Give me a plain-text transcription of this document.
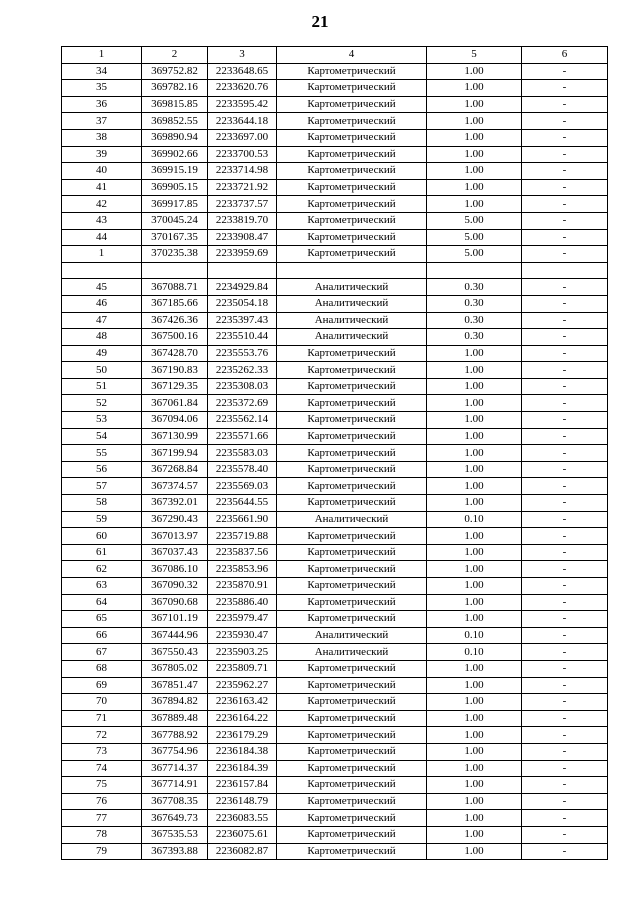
21
1	2	3	4	5	6
34	369752.82	2233648.65	Картометрический	1.00	-
35	369782.16	2233620.76	Картометрический	1.00	-
36	369815.85	2233595.42	Картометрический	1.00	-
37	369852.55	2233644.18	Картометрический	1.00	-
38	369890.94	2233697.00	Картометрический	1.00	-
39	369902.66	2233700.53	Картометрический	1.00	-
40	369915.19	2233714.98	Картометрический	1.00	-
41	369905.15	2233721.92	Картометрический	1.00	-
42	369917.85	2233737.57	Картометрический	1.00	-
43	370045.24	2233819.70	Картометрический	5.00	-
44	370167.35	2233908.47	Картометрический	5.00	-
1	370235.38	2233959.69	Картометрический	5.00	-

45	367088.71	2234929.84	Аналитический	0.30	-
46	367185.66	2235054.18	Аналитический	0.30	-
47	367426.36	2235397.43	Аналитический	0.30	-
48	367500.16	2235510.44	Аналитический	0.30	-
49	367428.70	2235553.76	Картометрический	1.00	-
50	367190.83	2235262.33	Картометрический	1.00	-
51	367129.35	2235308.03	Картометрический	1.00	-
52	367061.84	2235372.69	Картометрический	1.00	-
53	367094.06	2235562.14	Картометрический	1.00	-
54	367130.99	2235571.66	Картометрический	1.00	-
55	367199.94	2235583.03	Картометрический	1.00	-
56	367268.84	2235578.40	Картометрический	1.00	-
57	367374.57	2235569.03	Картометрический	1.00	-
58	367392.01	2235644.55	Картометрический	1.00	-
59	367290.43	2235661.90	Аналитический	0.10	-
60	367013.97	2235719.88	Картометрический	1.00	-
61	367037.43	2235837.56	Картометрический	1.00	-
62	367086.10	2235853.96	Картометрический	1.00	-
63	367090.32	2235870.91	Картометрический	1.00	-
64	367090.68	2235886.40	Картометрический	1.00	-
65	367101.19	2235979.47	Картометрический	1.00	-
66	367444.96	2235930.47	Аналитический	0.10	-
67	367550.43	2235903.25	Аналитический	0.10	-
68	367805.02	2235809.71	Картометрический	1.00	-
69	367851.47	2235962.27	Картометрический	1.00	-
70	367894.82	2236163.42	Картометрический	1.00	-
71	367889.48	2236164.22	Картометрический	1.00	-
72	367788.92	2236179.29	Картометрический	1.00	-
73	367754.96	2236184.38	Картометрический	1.00	-
74	367714.37	2236184.39	Картометрический	1.00	-
75	367714.91	2236157.84	Картометрический	1.00	-
76	367708.35	2236148.79	Картометрический	1.00	-
77	367649.73	2236083.55	Картометрический	1.00	-
78	367535.53	2236075.61	Картометрический	1.00	-
79	367393.88	2236082.87	Картометрический	1.00	-
